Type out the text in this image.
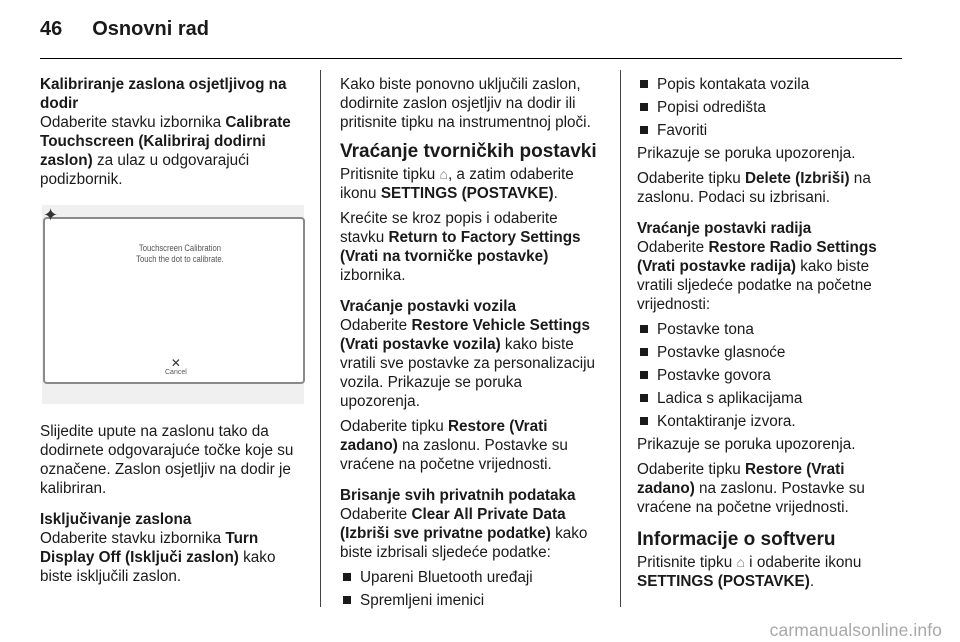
46 Osnovni rad

Kalibriranje zaslona osjetljivog na dodir

Odaberite stavku izbornika Calibrate Touchscreen (Kalibriraj dodirni zaslon) za ulaz u odgovarajući podizbornik.

✦
Touchscreen Calibration
Touch the dot to calibrate.
✕
Cancel

Slijedite upute na zaslonu tako da dodirnete odgovarajuće točke koje su označene. Zaslon osjetljiv na dodir je kalibriran.

Isključivanje zaslona

Odaberite stavku izbornika Turn Display Off (Isključi zaslon) kako biste isključili zaslon.

Kako biste ponovno uključili zaslon, dodirnite zaslon osjetljiv na dodir ili pritisnite tipku na instrumentnoj ploči.

Vraćanje tvorničkih postavki

Pritisnite tipku ⌂, a zatim odaberite ikonu SETTINGS (POSTAVKE).

Krećite se kroz popis i odaberite stavku Return to Factory Settings (Vrati na tvorničke postavke) izbornika.

Vraćanje postavki vozila

Odaberite Restore Vehicle Settings (Vrati postavke vozila) kako biste vratili sve postavke za personalizaciju vozila. Prikazuje se poruka upozorenja.

Odaberite tipku Restore (Vrati zadano) na zaslonu. Postavke su vraćene na početne vrijednosti.

Brisanje svih privatnih podataka

Odaberite Clear All Private Data (Izbriši sve privatne podatke) kako biste izbrisali sljedeće podatke:

Upareni Bluetooth uređaji
Spremljeni imenici
Popis kontakata vozila
Popisi odredišta
Favoriti

Prikazuje se poruka upozorenja.

Odaberite tipku Delete (Izbriši) na zaslonu. Podaci su izbrisani.

Vraćanje postavki radija

Odaberite Restore Radio Settings (Vrati postavke radija) kako biste vratili sljedeće podatke na početne vrijednosti:

Postavke tona
Postavke glasnoće
Postavke govora
Ladica s aplikacijama
Kontaktiranje izvora.

Prikazuje se poruka upozorenja.

Odaberite tipku Restore (Vrati zadano) na zaslonu. Postavke su vraćene na početne vrijednosti.

Informacije o softveru

Pritisnite tipku ⌂ i odaberite ikonu SETTINGS (POSTAVKE).

carmanualsonline.info
